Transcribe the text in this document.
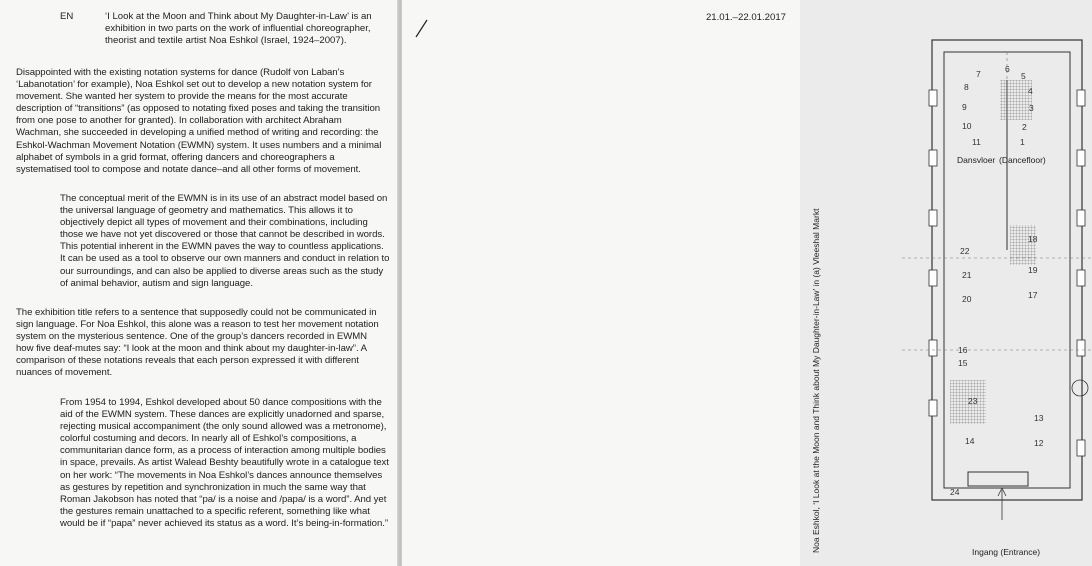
EN	‘I Look at the Moon and Think about My Daughter-in-Law’ is an exhibition in two parts on the work of influential choreographer, theorist and textile artist Noa Eshkol (Israel, 1924–2007).

Disappointed with the existing notation systems for dance (Rudolf von Laban’s ‘Labanotation’ for example), Noa Eshkol set out to develop a new notation system for movement. She wanted her system to provide the means for the most accurate description of “transitions” (as opposed to notating fixed poses and taking the transition from one pose to another for granted). In collaboration with architect Abraham Wachman, she succeeded in developing a unified method of writing and recording: the Eshkol-Wachman Movement Notation (EWMN) system. It uses numbers and a minimal alphabet of symbols in a grid format, offering dancers and choreographers a systematised tool to compose and notate dance–and all other forms of movement.

The conceptual merit of the EWMN is in its use of an abstract model based on the universal language of geometry and mathematics. This allows it to objectively depict all types of movement and their combinations, including those we have not yet discovered or those that cannot be described in words. This potential inherent in the EWMN paves the way to countless applications. It can be used as a tool to observe our own manners and conduct in relation to our surroundings, and can also be applied to diverse areas such as the study of animal behavior, autism and sign language.

The exhibition title refers to a sentence that supposedly could not be communicated in sign language. For Noa Eshkol, this alone was a reason to test her movement notation system on the mysterious sentence. One of the group’s dancers recorded in EWMN how five deaf-mutes say: “I look at the moon and think about my daughter-in-law”. A comparison of these notations reveals that each person expressed it with different nuances of movement.

From 1954 to 1994, Eshkol developed about 50 dance compositions with the aid of the EWMN system. These dances are explicitly unadorned and sparse, rejecting musical accompaniment (the only sound allowed was a metronome), colorful costuming and decors. In nearly all of Eshkol’s compositions, a communitarian dance form, as a process of interaction among multiple bodies in space, prevails. As artist Walead Beshty beautifully wrote in a catalogue text on her work: “The movements in Noa Eshkol’s dances announce themselves as gestures by repetition and synchronization in much the same way that Roman Jakobson has noted that “pa/ is a noise and /papa/ is a word”. And yet the gestures remain unattached to a specific referent, something like what would be if “papa” never achieved its status as a word. It’s being-in-formation.”

21.01.–22.01.2017
Noa Eshkol, ‘I Look at the Moon and Think about My Daughter-in-Law’ in (a) Vleeshal Markt
Dansvloer (Dancefloor)
Ingang (Entrance)
1
2
3
4
5
6
7
8
9
10
11
12
13
14
15
16
17
18
19
20
21
22
23
24
